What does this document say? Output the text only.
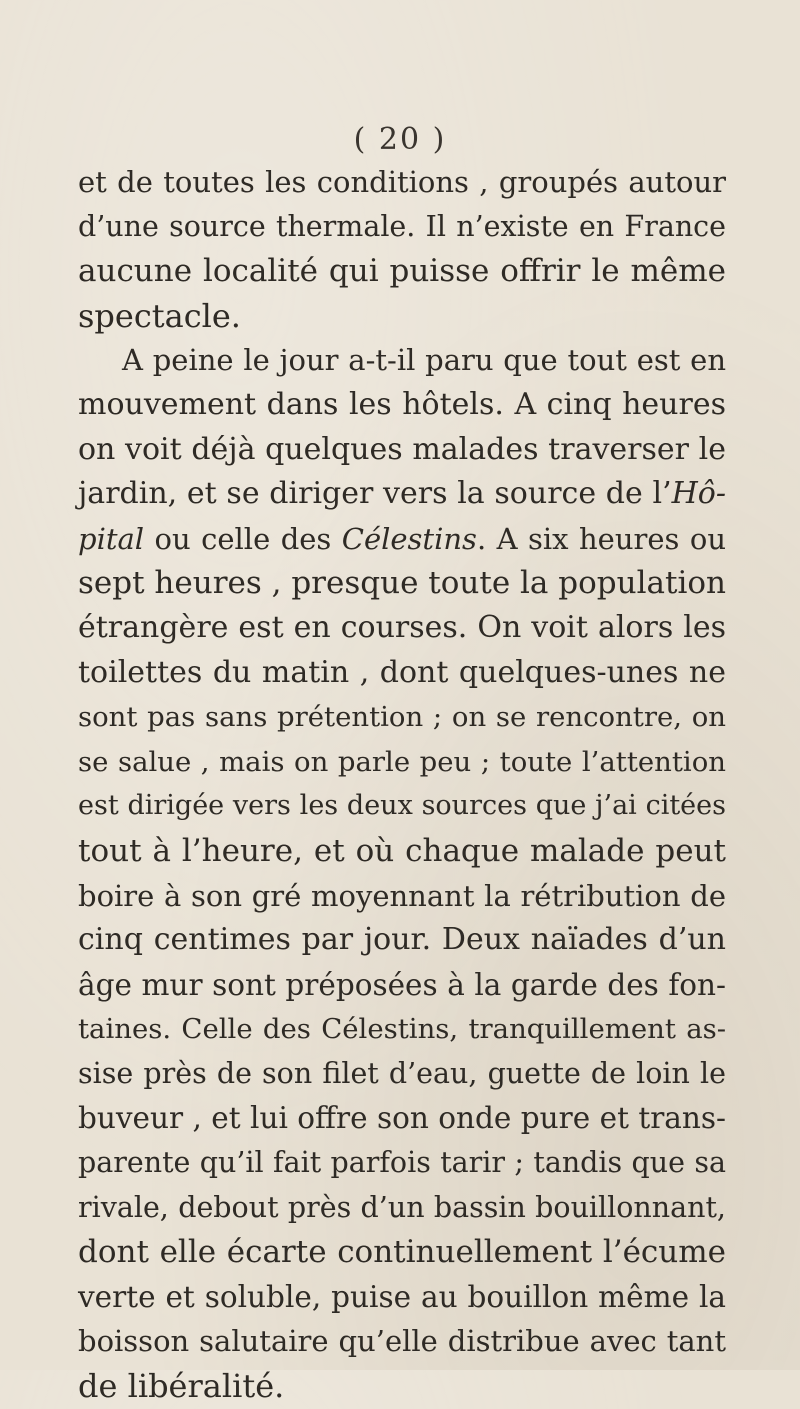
( 20 )
et de toutes les conditions , groupés autour
d’une source thermale. Il n’existe en France
aucune localité qui puisse offrir le même
spectacle.
A peine le jour a-t-il paru que tout est en
mouvement dans les hôtels. A cinq heures
on voit déjà quelques malades traverser le
jardin, et se diriger vers la source de l’Hô-
pital ou celle des Célestins. A six heures ou
sept heures , presque toute la population
étrangère est en courses. On voit alors les
toilettes du matin , dont quelques-unes ne
sont pas sans prétention ; on se rencontre, on
se salue , mais on parle peu ; toute l’attention
est dirigée vers les deux sources que j’ai citées
tout à l’heure, et où chaque malade peut
boire à son gré moyennant la rétribution de
cinq centimes par jour. Deux naïades d’un
âge mur sont préposées à la garde des fon-
taines. Celle des Célestins, tranquillement as-
sise près de son filet d’eau, guette de loin le
buveur , et lui offre son onde pure et trans-
parente qu’il fait parfois tarir ; tandis que sa
rivale, debout près d’un bassin bouillonnant,
dont elle écarte continuellement l’écume
verte et soluble, puise au bouillon même la
boisson salutaire qu’elle distribue avec tant
de libéralité.
